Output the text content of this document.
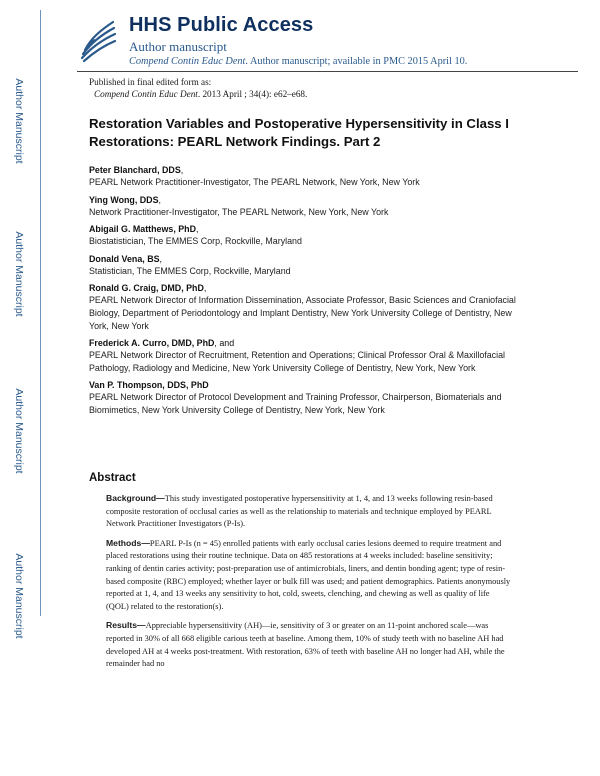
Author Manuscript
Author Manuscript
Author Manuscript
Author Manuscript
HHS Public Access
Author manuscript
Compend Contin Educ Dent. Author manuscript; available in PMC 2015 April 10.
Published in final edited form as:
Compend Contin Educ Dent. 2013 April ; 34(4): e62–e68.
Restoration Variables and Postoperative Hypersensitivity in Class I Restorations: PEARL Network Findings. Part 2
Peter Blanchard, DDS,
PEARL Network Practitioner-Investigator, The PEARL Network, New York, New York
Ying Wong, DDS,
Network Practitioner-Investigator, The PEARL Network, New York, New York
Abigail G. Matthews, PhD,
Biostatistician, The EMMES Corp, Rockville, Maryland
Donald Vena, BS,
Statistician, The EMMES Corp, Rockville, Maryland
Ronald G. Craig, DMD, PhD,
PEARL Network Director of Information Dissemination, Associate Professor, Basic Sciences and Craniofacial Biology, Department of Periodontology and Implant Dentistry, New York University College of Dentistry, New York, New York
Frederick A. Curro, DMD, PhD, and
PEARL Network Director of Recruitment, Retention and Operations; Clinical Professor Oral & Maxillofacial Pathology, Radiology and Medicine, New York University College of Dentistry, New York, New York
Van P. Thompson, DDS, PhD
PEARL Network Director of Protocol Development and Training Professor, Chairperson, Biomaterials and Biomimetics, New York University College of Dentistry, New York, New York
Abstract
Background—This study investigated postoperative hypersensitivity at 1, 4, and 13 weeks following resin-based composite restoration of occlusal caries as well as the relationship to materials and technique employed by PEARL Network Practitioner Investigators (P-Is).
Methods—PEARL P-Is (n = 45) enrolled patients with early occlusal caries lesions deemed to require treatment and placed restorations using their routine technique. Data on 485 restorations at 4 weeks included: baseline sensitivity; ranking of dentin caries activity; post-preparation use of antimicrobials, liners, and dentin bonding agent; type of resin-based composite (RBC) employed; whether layer or bulk fill was used; and patient demographics. Patients anonymously reported at 1, 4, and 13 weeks any sensitivity to hot, cold, sweets, clenching, and chewing as well as quality of life (QOL) related to the restoration(s).
Results—Appreciable hypersensitivity (AH)—ie, sensitivity of 3 or greater on an 11-point anchored scale—was reported in 30% of all 668 eligible carious teeth at baseline. Among them, 10% of study teeth with no baseline AH had developed AH at 4 weeks post-treatment. With restoration, 63% of teeth with baseline AH no longer had AH, while the remainder had no
